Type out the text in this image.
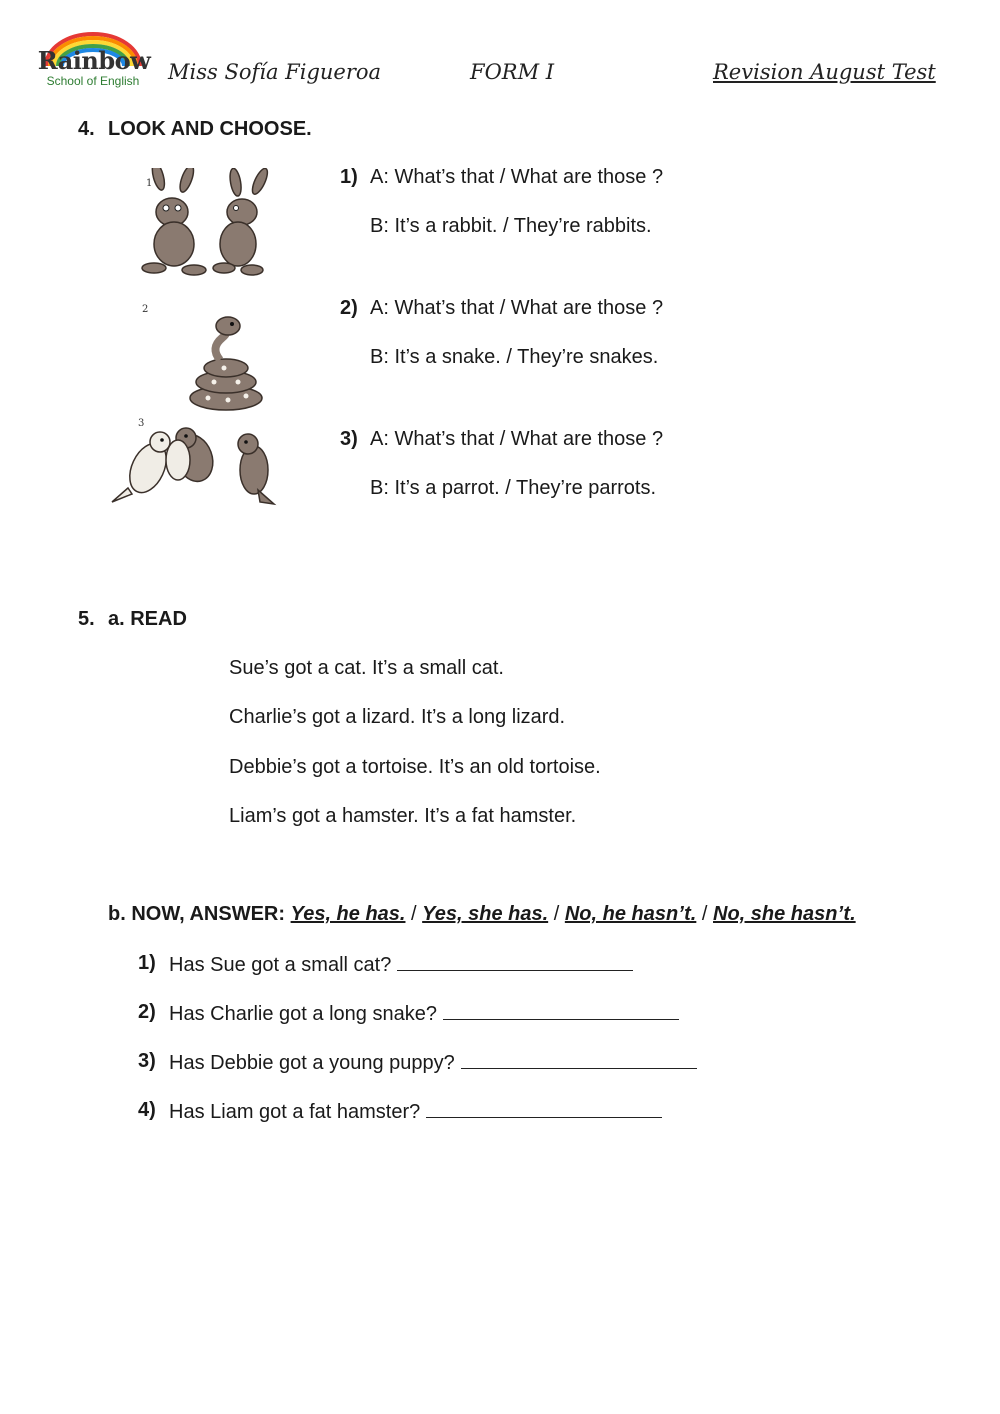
Rainbow
School of English	Miss Sofía Figueroa	FORM I	Revision August Test
4. LOOK AND CHOOSE.
1	1) A: What’s that / What are those ?
B: It’s a rabbit. / They’re rabbits.
2	2) A: What’s that / What are those ?
B: It’s a snake. / They’re snakes.
3
3) A: What’s that / What are those ?
B: It’s a parrot. / They’re parrots.
5. a. READ
Sue’s got a cat. It’s a small cat.
Charlie’s got a lizard. It’s a long lizard.
Debbie’s got a tortoise. It’s an old tortoise.
Liam’s got a hamster. It’s a fat hamster.
b. NOW, ANSWER: Yes, he has. / Yes, she has. / No, he hasn’t. / No, she hasn’t.
1) Has Sue got a small cat?
2) Has Charlie got a long snake?
3) Has Debbie got a young puppy?
4) Has Liam got a fat hamster?
